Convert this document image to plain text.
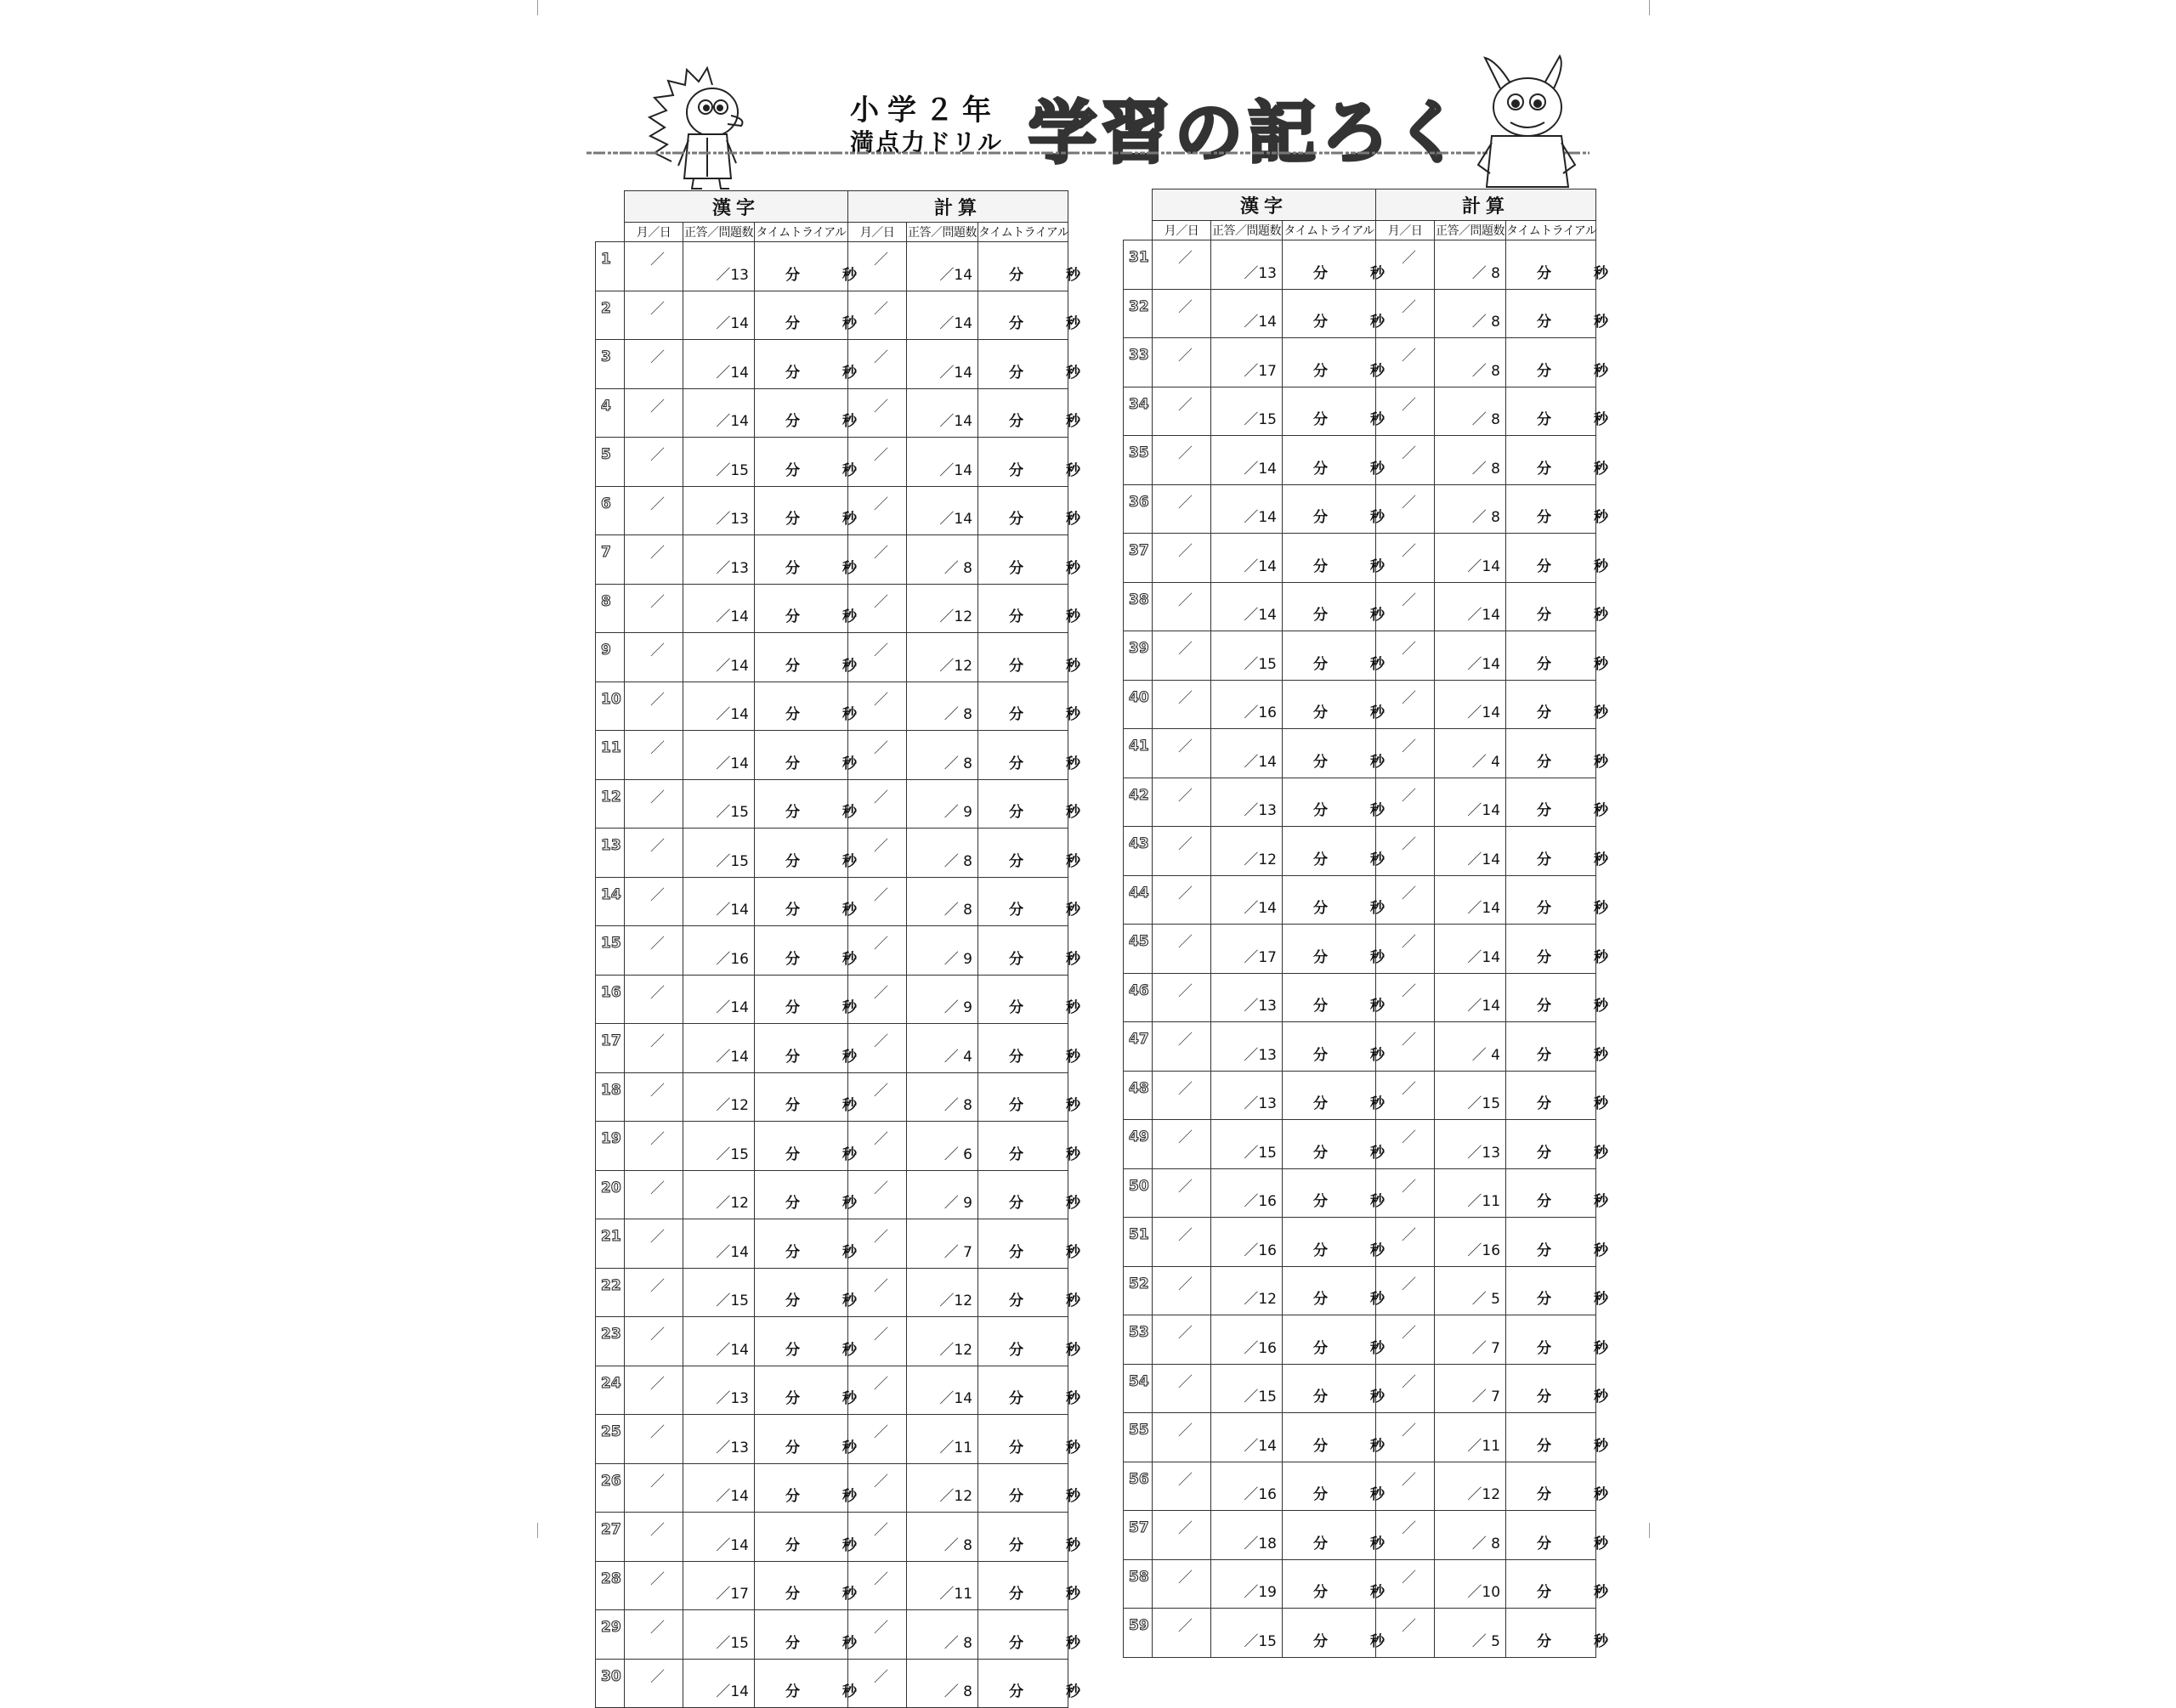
小学２年
満点力ドリル 学習の記ろく
	漢字			計算		
	月／日	正答／問題数	タイムトライアル	月／日	正答／問題数	タイムトライアル
1	／	／13	分 秒	／	／14	分 秒
2	／	／14	分 秒	／	／14	分 秒
3	／	／14	分 秒	／	／14	分 秒
4	／	／14	分 秒	／	／14	分 秒
5	／	／15	分 秒	／	／14	分 秒
6	／	／13	分 秒	／	／14	分 秒
7	／	／13	分 秒	／	／ 8	分 秒
8	／	／14	分 秒	／	／12	分 秒
9	／	／14	分 秒	／	／12	分 秒
10	／	／14	分 秒	／	／ 8	分 秒
11	／	／14	分 秒	／	／ 8	分 秒
12	／	／15	分 秒	／	／ 9	分 秒
13	／	／15	分 秒	／	／ 8	分 秒
14	／	／14	分 秒	／	／ 8	分 秒
15	／	／16	分 秒	／	／ 9	分 秒
16	／	／14	分 秒	／	／ 9	分 秒
17	／	／14	分 秒	／	／ 4	分 秒
18	／	／12	分 秒	／	／ 8	分 秒
19	／	／15	分 秒	／	／ 6	分 秒
20	／	／12	分 秒	／	／ 9	分 秒
21	／	／14	分 秒	／	／ 7	分 秒
22	／	／15	分 秒	／	／12	分 秒
23	／	／14	分 秒	／	／12	分 秒
24	／	／13	分 秒	／	／14	分 秒
25	／	／13	分 秒	／	／11	分 秒
26	／	／14	分 秒	／	／12	分 秒
27	／	／14	分 秒	／	／ 8	分 秒
28	／	／17	分 秒	／	／11	分 秒
29	／	／15	分 秒	／	／ 8	分 秒
30	／	／14	分 秒	／	／ 8	分 秒
	漢字			計算		
	月／日	正答／問題数	タイムトライアル	月／日	正答／問題数	タイムトライアル
31	／	／13	分 秒	／	／ 8	分 秒
32	／	／14	分 秒	／	／ 8	分 秒
33	／	／17	分 秒	／	／ 8	分 秒
34	／	／15	分 秒	／	／ 8	分 秒
35	／	／14	分 秒	／	／ 8	分 秒
36	／	／14	分 秒	／	／ 8	分 秒
37	／	／14	分 秒	／	／14	分 秒
38	／	／14	分 秒	／	／14	分 秒
39	／	／15	分 秒	／	／14	分 秒
40	／	／16	分 秒	／	／14	分 秒
41	／	／14	分 秒	／	／ 4	分 秒
42	／	／13	分 秒	／	／14	分 秒
43	／	／12	分 秒	／	／14	分 秒
44	／	／14	分 秒	／	／14	分 秒
45	／	／17	分 秒	／	／14	分 秒
46	／	／13	分 秒	／	／14	分 秒
47	／	／13	分 秒	／	／ 4	分 秒
48	／	／13	分 秒	／	／15	分 秒
49	／	／15	分 秒	／	／13	分 秒
50	／	／16	分 秒	／	／11	分 秒
51	／	／16	分 秒	／	／16	分 秒
52	／	／12	分 秒	／	／ 5	分 秒
53	／	／16	分 秒	／	／ 7	分 秒
54	／	／15	分 秒	／	／ 7	分 秒
55	／	／14	分 秒	／	／11	分 秒
56	／	／16	分 秒	／	／12	分 秒
57	／	／18	分 秒	／	／ 8	分 秒
58	／	／19	分 秒	／	／10	分 秒
59	／	／15	分 秒	／	／ 5	分 秒
